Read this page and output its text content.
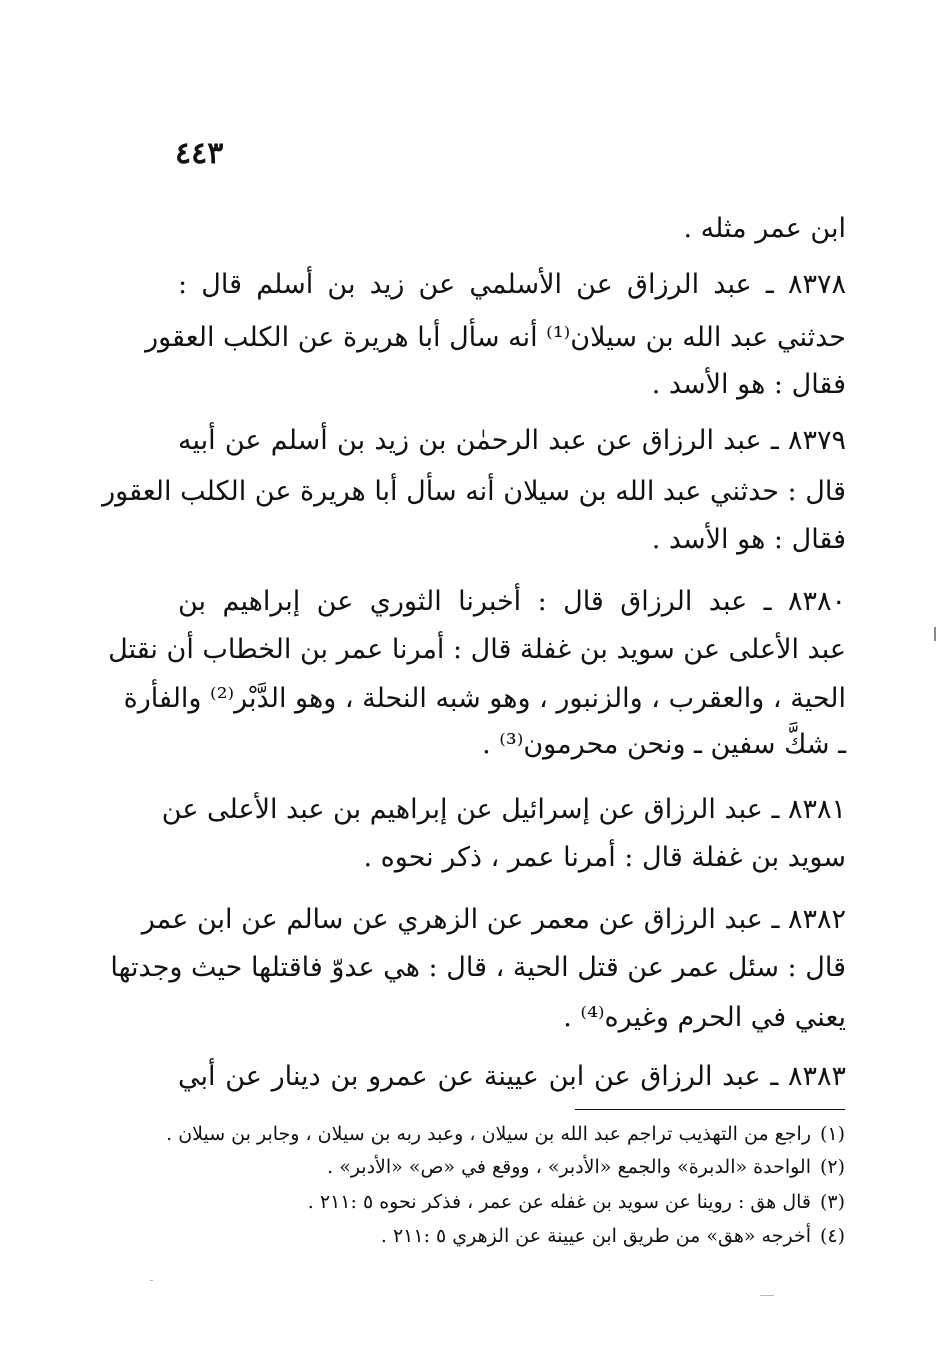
٤٤٣
ابن عمر مثله .
٨٣٧٨ ـ عبد الرزاق عن الأسلمي عن زيد بن أسلم قال :
حدثني عبد الله بن سيلان⁽¹⁾ أنه سأل أبا هريرة عن الكلب العقور
فقال : هو الأسد .
٨٣٧٩ ـ عبد الرزاق عن عبد الرحمٰن بن زيد بن أسلم عن أبيه
قال : حدثني عبد الله بن سيلان أنه سأل أبا هريرة عن الكلب العقور
فقال : هو الأسد .
٨٣٨٠ ـ عبد الرزاق قال : أخبرنا الثوري عن إبراهيم بن
عبد الأعلى عن سويد بن غفلة قال : أمرنا عمر بن الخطاب أن نقتل
الحية ، والعقرب ، والزنبور ، وهو شبه النحلة ، وهو الدَّبْر⁽²⁾ والفأرة
ـ شكَّ سفين ـ ونحن محرمون⁽³⁾ .
٨٣٨١ ـ عبد الرزاق عن إسرائيل عن إبراهيم بن عبد الأعلى عن
سويد بن غفلة قال : أمرنا عمر ، ذكر نحوه .
٨٣٨٢ ـ عبد الرزاق عن معمر عن الزهري عن سالم عن ابن عمر
قال : سئل عمر عن قتل الحية ، قال : هي عدوّ فاقتلها حيث وجدتها
يعني في الحرم وغيره⁽⁴⁾ .
٨٣٨٣ ـ عبد الرزاق عن ابن عيينة عن عمرو بن دينار عن أبي
(١)
راجع من التهذيب تراجم عبد الله بن سيلان ، وعبد ربه بن سيلان ، وجابر بن سيلان .
(٢)
الواحدة «الدبرة» والجمع «الأدبر» ، ووقع في «ص» «الأدبر» .
(٣)
قال هق : روينا عن سويد بن غفله عن عمر ، فذكر نحوه ٥ :٢١١ .
(٤)
أخرجه «هق» من طريق ابن عيينة عن الزهري ٥ :٢١١ .
